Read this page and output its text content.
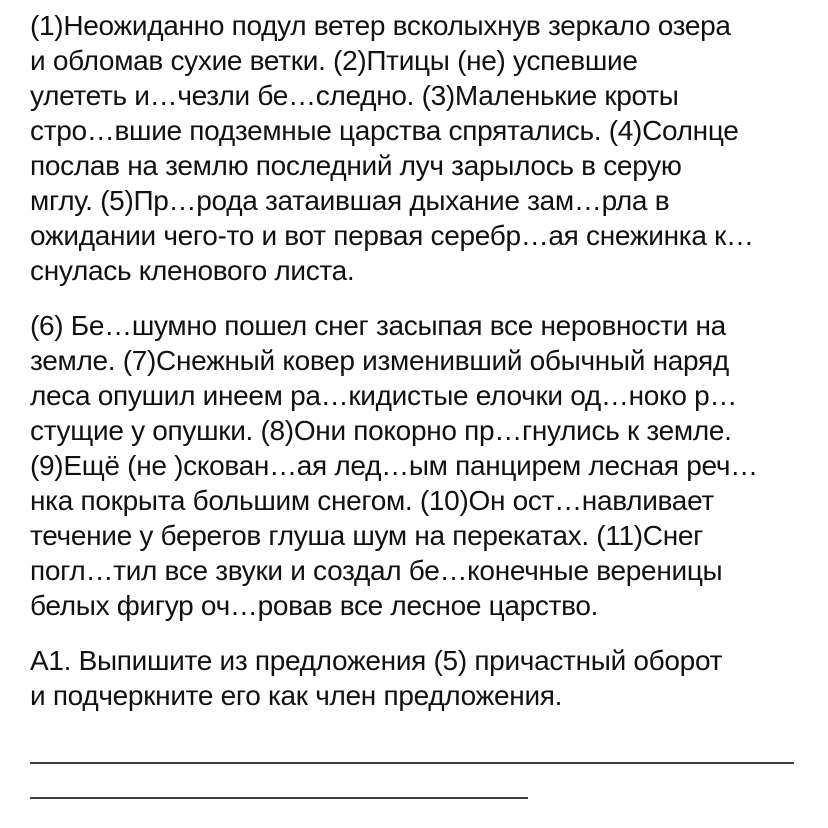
(1)Неожиданно подул ветер всколыхнув зеркало озера
и обломав сухие ветки. (2)Птицы (не) успевшие
улететь и…чезли бе…следно. (3)Маленькие кроты
стро…вшие подземные царства спрятались. (4)Солнце
послав на землю последний луч зарылось в серую
мглу. (5)Пр…рода затаившая дыхание зам…рла в
ожидании чего-то и вот первая серебр…ая снежинка к…
снулась кленового листа.
(6) Бе…шумно пошел снег засыпая все неровности на
земле. (7)Снежный ковер изменивший обычный наряд
леса опушил инеем ра…кидистые елочки од…ноко р…
стущие у опушки. (8)Они покорно пр…гнулись к земле.
(9)Ещё (не )скован…ая лед…ым панцирем лесная реч…
нка покрыта большим снегом. (10)Он ост…навливает
течение у берегов глуша шум на перекатах. (11)Снег
погл…тил все звуки и создал бе…конечные вереницы
белых фигур оч…ровав все лесное царство.
А1. Выпишите из предложения (5) причастный оборот
и подчеркните его как член предложения.
